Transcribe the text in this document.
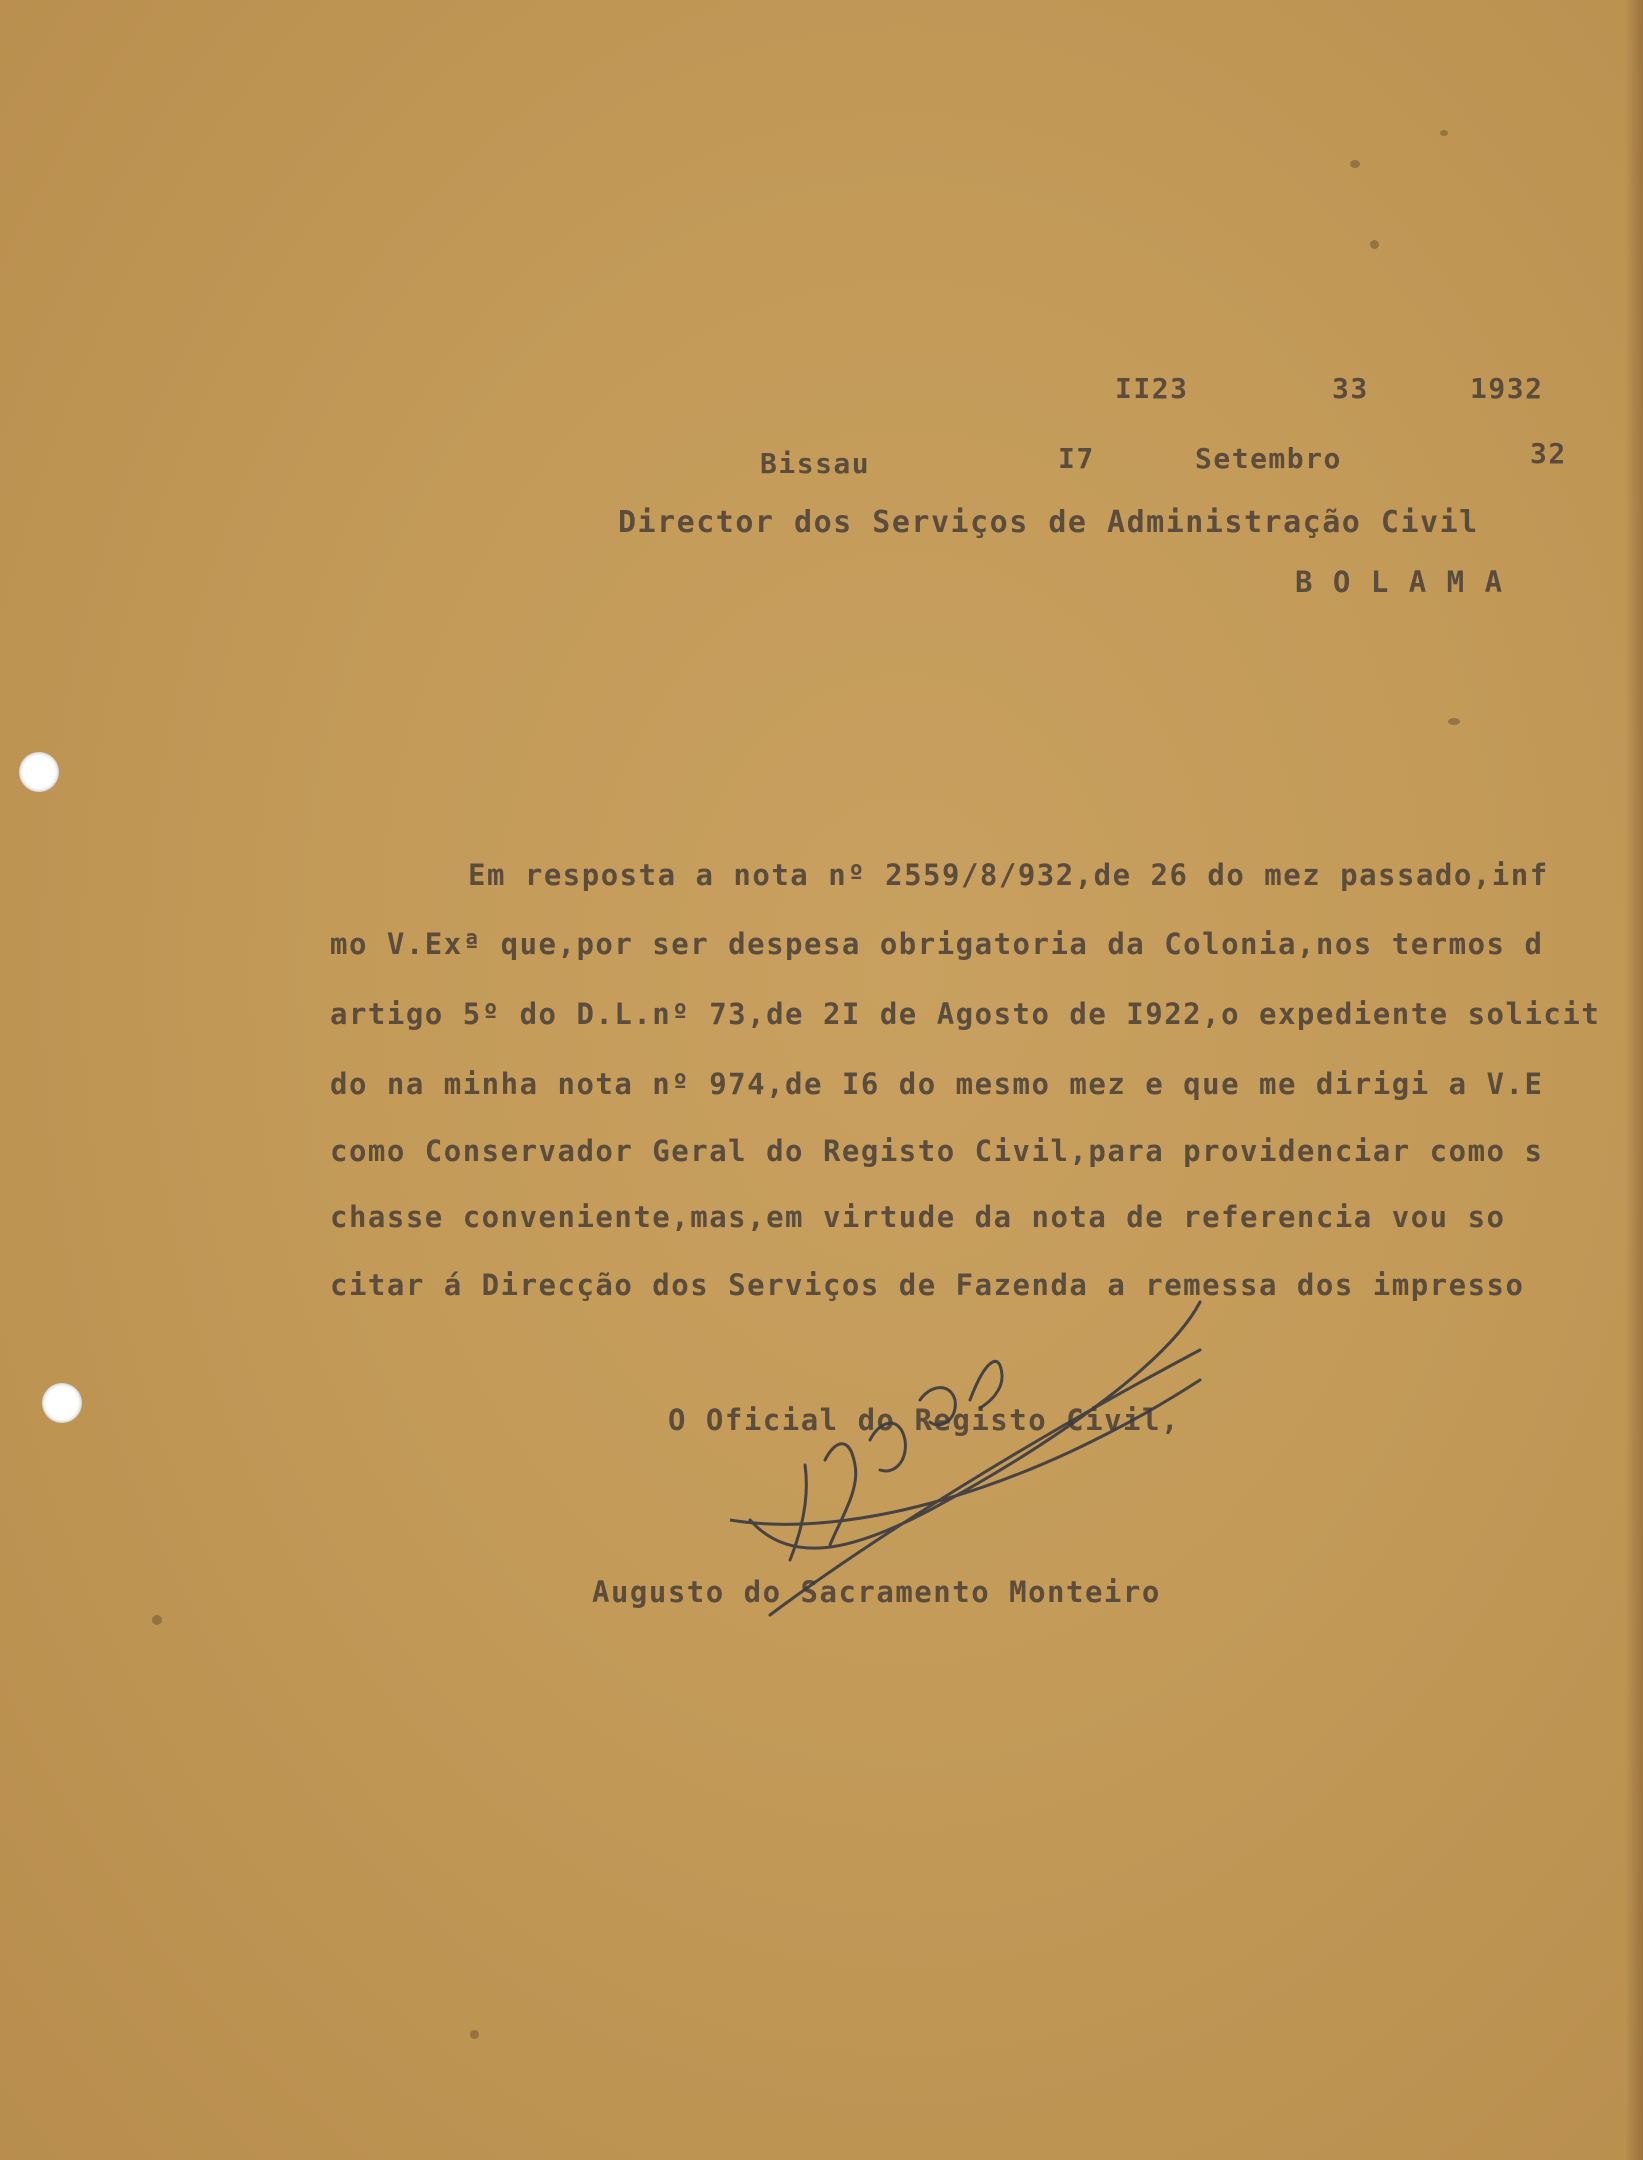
II23	33	1932
Bissau	I7	Setembro	32
Director dos Serviços de Administração Civil
B O L A M A
Em resposta a nota nº 2559/8/932,de 26 do mez passado,inf
mo V.Exª que,por ser despesa obrigatoria da Colonia,nos termos d
artigo 5º do D.L.nº 73,de 2I de Agosto de I922,o expediente solicit
do na minha nota nº 974,de I6 do mesmo mez e que me dirigi a V.E
como Conservador Geral do Registo Civil,para providenciar como s
chasse conveniente,mas,em virtude da nota de referencia vou so
citar á Direcção dos Serviços de Fazenda a remessa dos impresso
O Oficial do Registo Civil,
Augusto do Sacramento Monteiro
